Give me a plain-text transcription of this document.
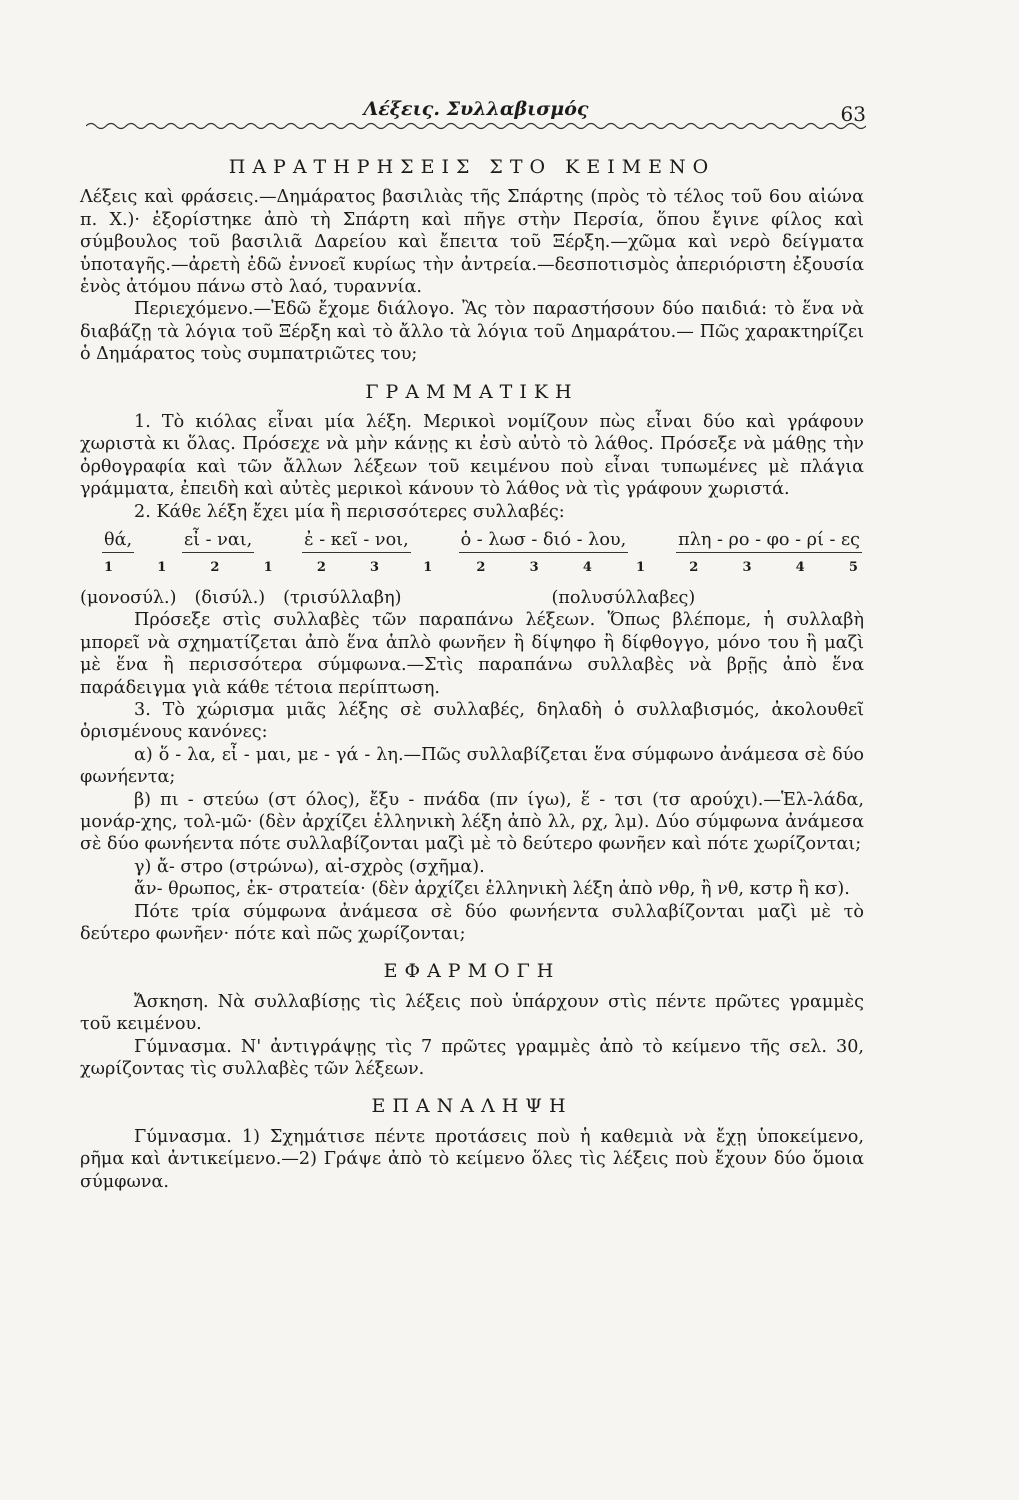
Λέξεις. Συλλαβισμός	63
ΠΑΡΑΤΗΡΗΣΕΙΣ ΣΤΟ ΚΕΙΜΕΝΟ

Λέξεις καὶ φράσεις.—Δημάρατος βασιλιὰς τῆς Σπάρτης (πρὸς τὸ τέλος τοῦ 6ου αἰώνα π. Χ.)· ἐξορίστηκε ἀπὸ τὴ Σπάρτη καὶ πῆγε στὴν Περσία, ὅπου ἔγινε φίλος καὶ σύμβουλος τοῦ βασιλιᾶ Δαρείου καὶ ἔπειτα τοῦ Ξέρξη.—χῶμα καὶ νερὸ δείγματα ὑποταγῆς.—ἀρετὴ ἐδῶ ἐννοεῖ κυρίως τὴν ἀντρεία.—δεσποτισμὸς ἀπεριόριστη ἐξουσία ἑνὸς ἀτόμου πάνω στὸ λαό, τυραννία.

Περιεχόμενο.—Ἐδῶ ἔχομε διάλογο. Ἂς τὸν παραστήσουν δύο παιδιά: τὸ ἕνα νὰ διαβάζῃ τὰ λόγια τοῦ Ξέρξη καὶ τὸ ἄλλο τὰ λόγια τοῦ Δημαράτου.— Πῶς χαρακτηρίζει ὁ Δημάρατος τοὺς συμπατριῶτες του;

ΓΡΑΜΜΑΤΙΚΗ

1. Τὸ κιόλας εἶναι μία λέξη. Μερικοὶ νομίζουν πὼς εἶναι δύο καὶ γράφουν χωριστὰ κι ὅλας. Πρόσεχε νὰ μὴν κάνῃς κι ἐσὺ αὐτὸ τὸ λάθος. Πρόσεξε νὰ μάθῃς τὴν ὀρθογραφία καὶ τῶν ἄλλων λέξεων τοῦ κειμένου ποὺ εἶναι τυπωμένες μὲ πλάγια γράμματα, ἐπειδὴ καὶ αὐτὲς μερικοὶ κάνουν τὸ λάθος νὰ τὶς γράφουν χωριστά.

2. Κάθε λέξη ἔχει μία ἢ περισσότερες συλλαβές:

θά,	εἶ - ναι,	ἐ - κεῖ - νοι,	ὁ - λωσ - διό - λου,	πλη - ρο - φο - ρί - ες
1	1	2	1	2	3	1	2	3	4	1	2	3	4	5
(μονοσύλ.) (δισύλ.) (τρισύλλαβη)	(πολυσύλλαβες)

Πρόσεξε στὶς συλλαβὲς τῶν παραπάνω λέξεων. Ὅπως βλέπομε, ἡ συλλαβὴ μπορεῖ νὰ σχηματίζεται ἀπὸ ἕνα ἁπλὸ φωνῆεν ἢ δίψηφο ἢ δίφθογγο, μόνο του ἢ μαζὶ μὲ ἕνα ἢ περισσότερα σύμφωνα.—Στὶς παραπάνω συλλαβὲς νὰ βρῇς ἀπὸ ἕνα παράδειγμα γιὰ κάθε τέτοια περίπτωση.

3. Τὸ χώρισμα μιᾶς λέξης σὲ συλλαβές, δηλαδὴ ὁ συλλαβισμός, ἀκολουθεῖ ὁρισμένους κανόνες:

α) ὅ - λα, εἶ - μαι, με - γά - λη.—Πῶς συλλαβίζεται ἕνα σύμφωνο ἀνάμεσα σὲ δύο φωνήεντα;

β) πι - στεύω (στ όλος), ἔξυ - πνάδα (πν ίγω), ἕ - τσι (τσ αρούχι).—Ἑλ-λάδα, μονάρ-χης, τολ-μῶ· (δὲν ἀρχίζει ἑλληνικὴ λέξη ἀπὸ λλ, ρχ, λμ). Δύο σύμφωνα ἀνάμεσα σὲ δύο φωνήεντα πότε συλλαβίζονται μαζὶ μὲ τὸ δεύτερο φωνῆεν καὶ πότε χωρίζονται;

γ) ἄ- στρο (στρώνω), αἰ-σχρὸς (σχῆμα).

ἄν- θρωπος, ἐκ- στρατεία· (δὲν ἀρχίζει ἑλληνικὴ λέξη ἀπὸ νθρ, ἢ νθ, κστρ ἢ κσ).

Πότε τρία σύμφωνα ἀνάμεσα σὲ δύο φωνήεντα συλλαβίζονται μαζὶ μὲ τὸ δεύτερο φωνῆεν· πότε καὶ πῶς χωρίζονται;

ΕΦΑΡΜΟΓΗ

Ἄσκηση. Νὰ συλλαβίσῃς τὶς λέξεις ποὺ ὑπάρχουν στὶς πέντε πρῶτες γραμμὲς τοῦ κειμένου.

Γύμνασμα. Ν' ἀντιγράψῃς τὶς 7 πρῶτες γραμμὲς ἀπὸ τὸ κείμενο τῆς σελ. 30, χωρίζοντας τὶς συλλαβὲς τῶν λέξεων.

ΕΠΑΝΑΛΗΨΗ

Γύμνασμα. 1) Σχημάτισε πέντε προτάσεις ποὺ ἡ καθεμιὰ νὰ ἔχῃ ὑποκείμενο, ρῆμα καὶ ἀντικείμενο.—2) Γράψε ἀπὸ τὸ κείμενο ὅλες τὶς λέξεις ποὺ ἔχουν δύο ὅμοια σύμφωνα.
